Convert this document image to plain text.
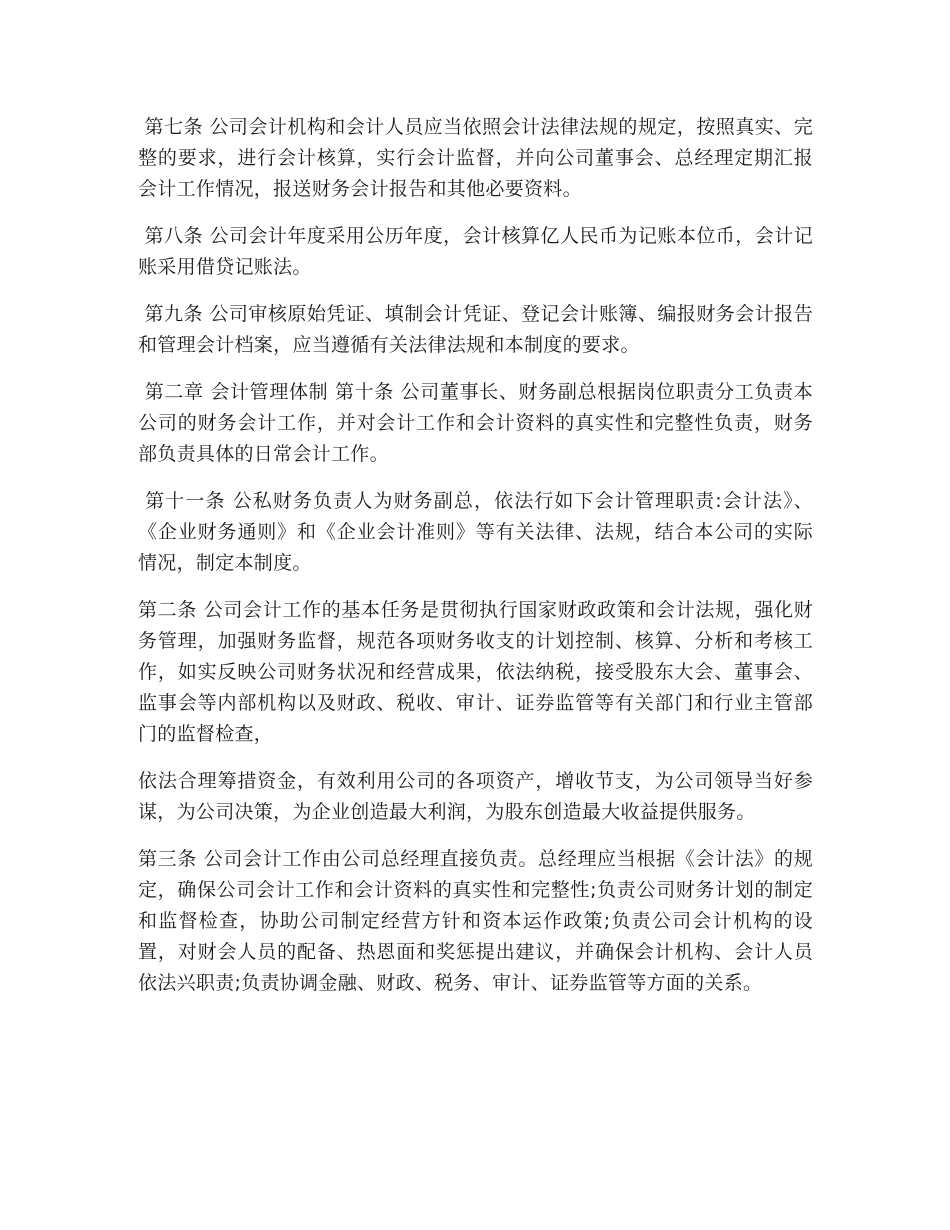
第七条 公司会计机构和会计人员应当依照会计法律法规的规定，按照真实、完整的要求，进行会计核算，实行会计监督，并向公司董事会、总经理定期汇报会计工作情况，报送财务会计报告和其他必要资料。

第八条 公司会计年度采用公历年度，会计核算亿人民币为记账本位币，会计记账采用借贷记账法。

第九条 公司审核原始凭证、填制会计凭证、登记会计账簿、编报财务会计报告和管理会计档案，应当遵循有关法律法规和本制度的要求。

第二章 会计管理体制 第十条 公司董事长、财务副总根据岗位职责分工负责本公司的财务会计工作，并对会计工作和会计资料的真实性和完整性负责，财务部负责具体的日常会计工作。

第十一条 公私财务负责人为财务副总，依法行如下会计管理职责:会计法》、《企业财务通则》和《企业会计准则》等有关法律、法规，结合本公司的实际情况，制定本制度。

第二条 公司会计工作的基本任务是贯彻执行国家财政政策和会计法规，强化财务管理，加强财务监督，规范各项财务收支的计划控制、核算、分析和考核工作，如实反映公司财务状况和经营成果，依法纳税，接受股东大会、董事会、监事会等内部机构以及财政、税收、审计、证券监管等有关部门和行业主管部门的监督检查，

依法合理筹措资金，有效利用公司的各项资产，增收节支，为公司领导当好参谋，为公司决策，为企业创造最大利润，为股东创造最大收益提供服务。

第三条 公司会计工作由公司总经理直接负责。总经理应当根据《会计法》的规定，确保公司会计工作和会计资料的真实性和完整性;负责公司财务计划的制定和监督检查，协助公司制定经营方针和资本运作政策;负责公司会计机构的设置，对财会人员的配备、热恩面和奖惩提出建议，并确保会计机构、会计人员依法兴职责;负责协调金融、财政、税务、审计、证券监管等方面的关系。
